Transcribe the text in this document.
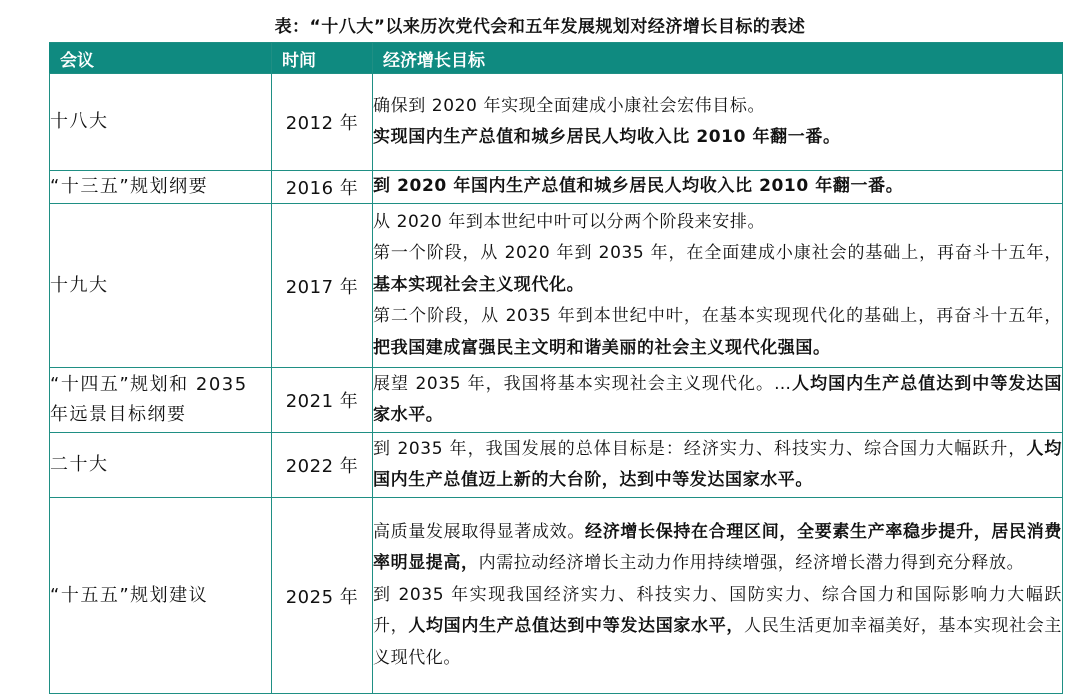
表：“十八大”以来历次党代会和五年发展规划对经济增长目标的表述
会议	时间	经济增长目标
十八大	2012 年	确保到 2020 年实现全面建成小康社会宏伟目标。
实现国内生产总值和城乡居民人均收入比 2010 年翻一番。

“十三五”规划纲要	2016 年	到 2020 年国内生产总值和城乡居民人均收入比 2010 年翻一番。
十九大	2017 年	从 2020 年到本世纪中叶可以分两个阶段来安排。
第一个阶段，从 2020 年到 2035 年，在全面建成小康社会的基础上，再奋斗十五年，基本实现社会主义现代化。
第二个阶段，从 2035 年到本世纪中叶，在基本实现现代化的基础上，再奋斗十五年，把我国建成富强民主文明和谐美丽的社会主义现代化强国。
“十四五”规划和 2035 年远景目标纲要	2021 年	展望 2035 年，我国将基本实现社会主义现代化。…人均国内生产总值达到中等发达国家水平。
二十大	2022 年	到 2035 年，我国发展的总体目标是：经济实力、科技实力、综合国力大幅跃升，人均国内生产总值迈上新的大台阶，达到中等发达国家水平。
“十五五”规划建议	2025 年	高质量发展取得显著成效。经济增长保持在合理区间，全要素生产率稳步提升，居民消费率明显提高，内需拉动经济增长主动力作用持续增强，经济增长潜力得到充分释放。
到 2035 年实现我国经济实力、科技实力、国防实力、综合国力和国际影响力大幅跃升，人均国内生产总值达到中等发达国家水平，人民生活更加幸福美好，基本实现社会主义现代化。
